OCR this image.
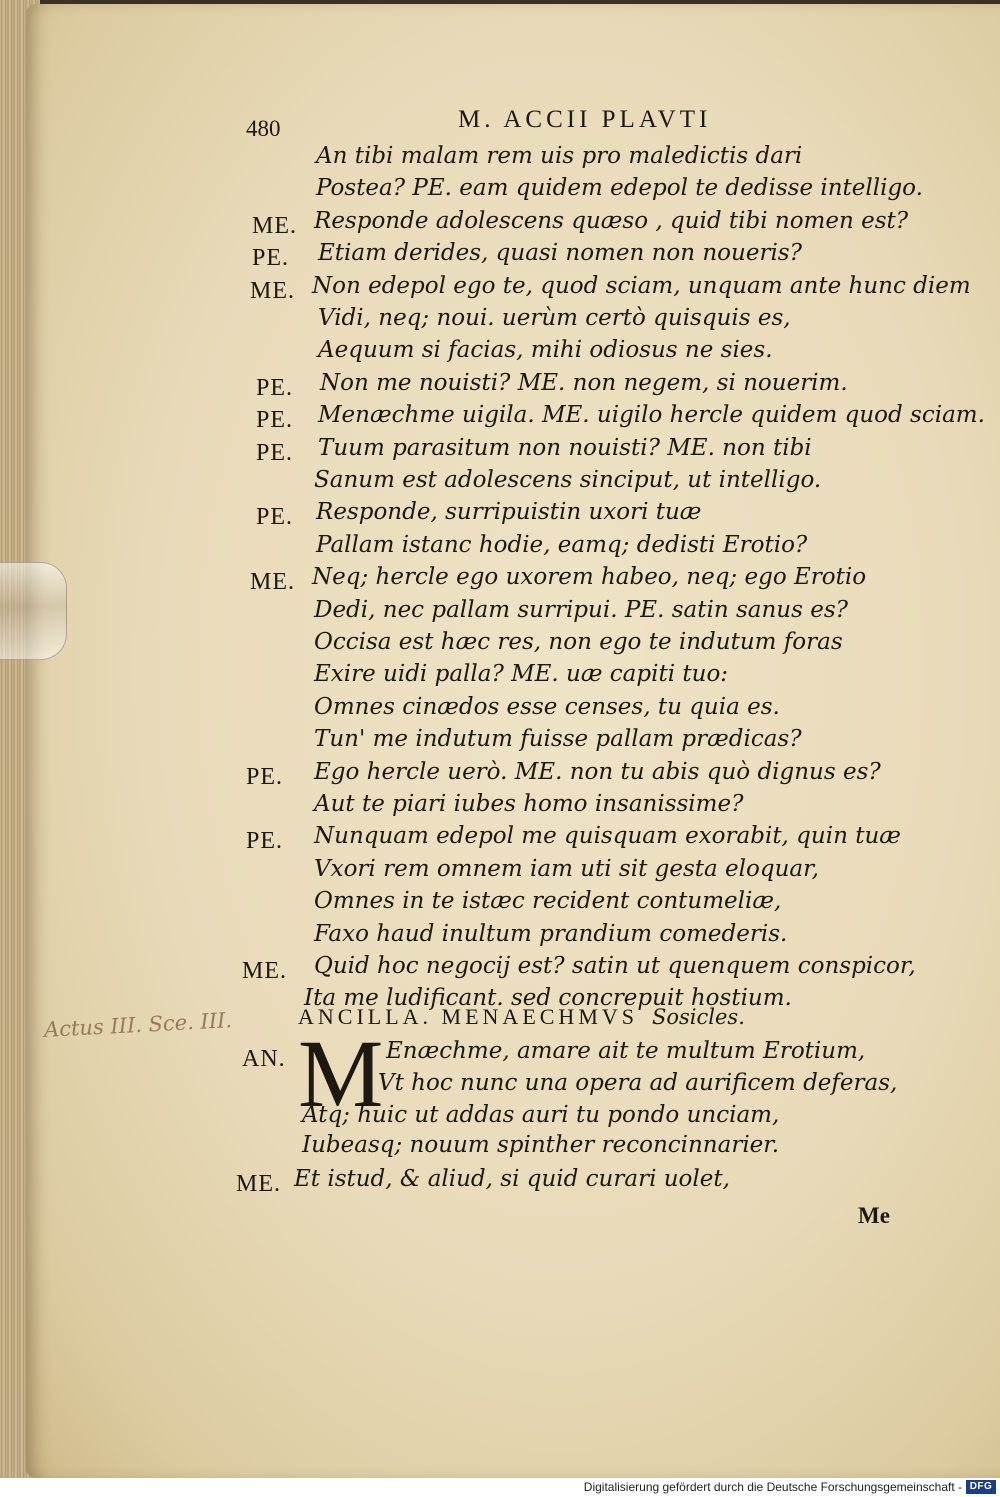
480	M. ACCII PLAVTI
An tibi malam rem uis pro maledictis dari
Postea? PE. eam quidem edepol te dedisse intelligo.
ME. Responde adolescens quæso , quid tibi nomen est?
PE. Etiam derides, quasi nomen non noueris?
ME. Non edepol ego te, quod sciam, unquam ante hunc diem
Vidi, neq; noui. uerùm certò quisquis es,
Aequum si facias, mihi odiosus ne sies.
PE. Non me nouisti? ME. non negem, si nouerim.
PE. Menæchme uigila. ME. uigilo hercle quidem quod sciam.
PE. Tuum parasitum non nouisti? ME. non tibi
Sanum est adolescens sinciput, ut intelligo.
PE. Responde, surripuistin uxori tuæ
Pallam istanc hodie, eamq; dedisti Erotio?
ME. Neq; hercle ego uxorem habeo, neq; ego Erotio
Dedi, nec pallam surripui. PE. satin sanus es?
Occisa est hæc res, non ego te indutum foras
Exire uidi palla? ME. uæ capiti tuo:
Omnes cinædos esse censes, tu quia es.
Tun' me indutum fuisse pallam prædicas?
PE. Ego hercle uerò. ME. non tu abis quò dignus es?
Aut te piari iubes homo insanissime?
PE. Nunquam edepol me quisquam exorabit, quin tuæ
Vxori rem omnem iam uti sit gesta eloquar,
Omnes in te istæc recident contumeliæ,
Faxo haud inultum prandium comederis.
ME. Quid hoc negocij est? satin ut quenquem conspicor,
Ita me ludificant. sed concrepuit hostium.
Actus III. Sce. III.	ANCILLA. MENAECHMVS Sosicles.
AN. M Enæchme, amare ait te multum Erotium,
Vt hoc nunc una opera ad aurificem deferas,
Atq; huic ut addas auri tu pondo unciam,
Iubeasq; nouum spinther reconcinnarier.
ME. Et istud, & aliud, si quid curari uolet,
Me
Digitalisierung gefördert durch die Deutsche Forschungsgemeinschaft - DFG
